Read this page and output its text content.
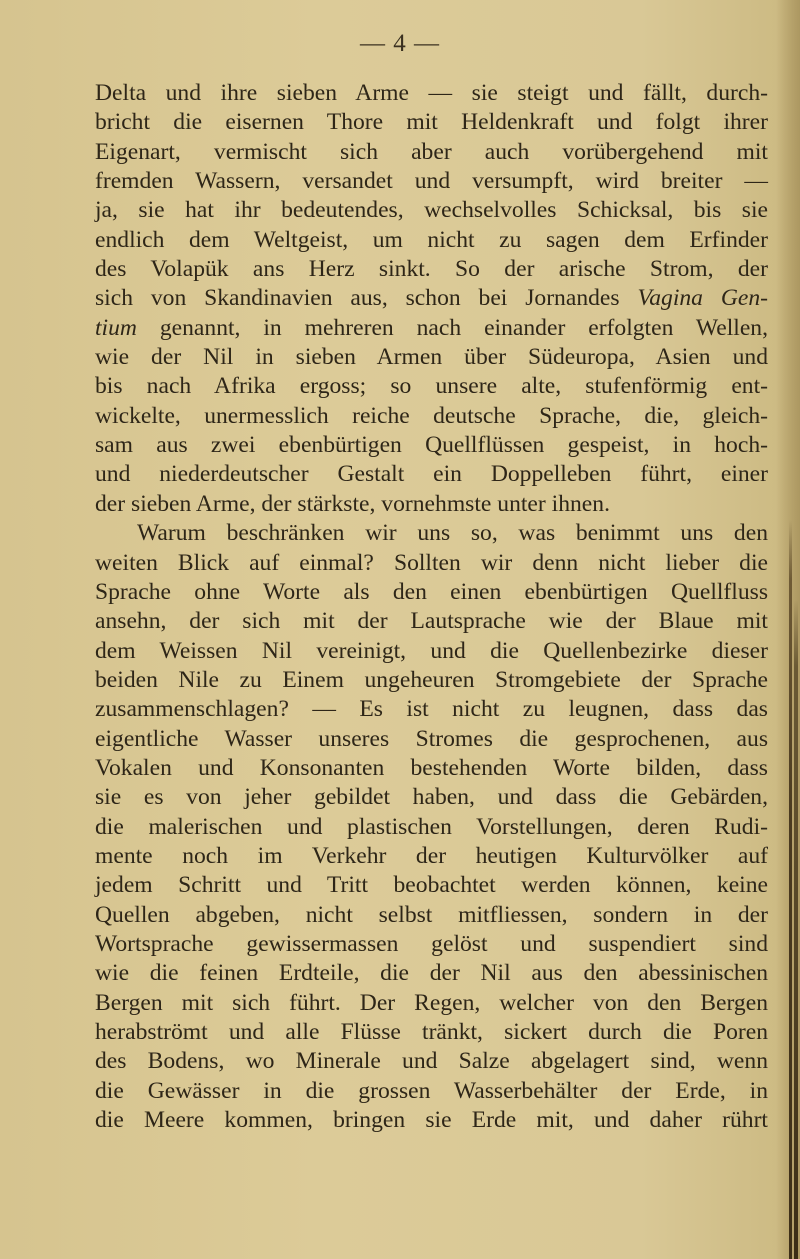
— 4 —
Delta und ihre sieben Arme — sie steigt und fällt, durch-
bricht die eisernen Thore mit Heldenkraft und folgt ihrer
Eigenart, vermischt sich aber auch vorübergehend mit
fremden Wassern, versandet und versumpft, wird breiter —
ja, sie hat ihr bedeutendes, wechselvolles Schicksal, bis sie
endlich dem Weltgeist, um nicht zu sagen dem Erfinder
des Volapük ans Herz sinkt. So der arische Strom, der
sich von Skandinavien aus, schon bei Jornandes Vagina Gen-
tium genannt, in mehreren nach einander erfolgten Wellen,
wie der Nil in sieben Armen über Südeuropa, Asien und
bis nach Afrika ergoss; so unsere alte, stufenförmig ent-
wickelte, unermesslich reiche deutsche Sprache, die, gleich-
sam aus zwei ebenbürtigen Quellflüssen gespeist, in hoch-
und niederdeutscher Gestalt ein Doppelleben führt, einer
der sieben Arme, der stärkste, vornehmste unter ihnen.
Warum beschränken wir uns so, was benimmt uns den
weiten Blick auf einmal? Sollten wir denn nicht lieber die
Sprache ohne Worte als den einen ebenbürtigen Quellfluss
ansehn, der sich mit der Lautsprache wie der Blaue mit
dem Weissen Nil vereinigt, und die Quellenbezirke dieser
beiden Nile zu Einem ungeheuren Stromgebiete der Sprache
zusammenschlagen? — Es ist nicht zu leugnen, dass das
eigentliche Wasser unseres Stromes die gesprochenen, aus
Vokalen und Konsonanten bestehenden Worte bilden, dass
sie es von jeher gebildet haben, und dass die Gebärden,
die malerischen und plastischen Vorstellungen, deren Rudi-
mente noch im Verkehr der heutigen Kulturvölker auf
jedem Schritt und Tritt beobachtet werden können, keine
Quellen abgeben, nicht selbst mitfliessen, sondern in der
Wortsprache gewissermassen gelöst und suspendiert sind
wie die feinen Erdteile, die der Nil aus den abessinischen
Bergen mit sich führt. Der Regen, welcher von den Bergen
herabströmt und alle Flüsse tränkt, sickert durch die Poren
des Bodens, wo Minerale und Salze abgelagert sind, wenn
die Gewässer in die grossen Wasserbehälter der Erde, in
die Meere kommen, bringen sie Erde mit, und daher rührt
